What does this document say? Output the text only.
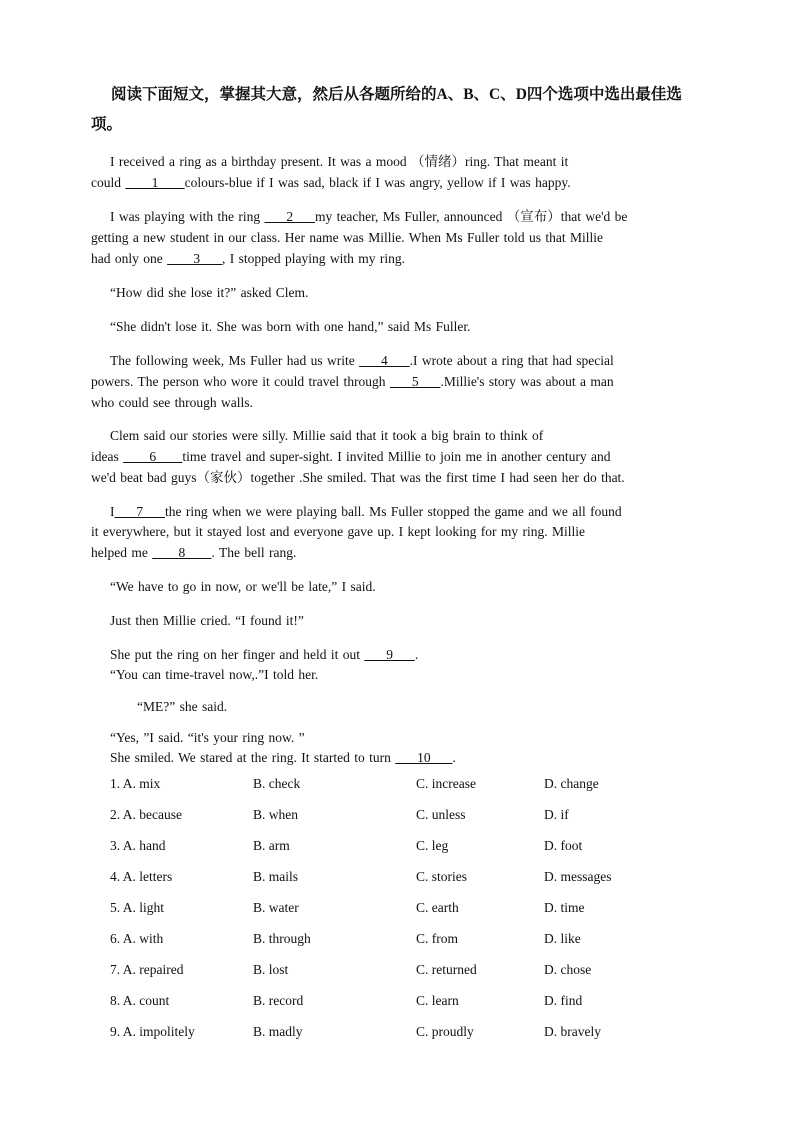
阅读下面短文，掌握其大意，然后从各题所给的A、B、C、D四个选项中选出最佳选项。
I received a ring as a birthday present. It was a mood （情绪）ring. That meant it
could       1      colours-blue if I was sad, black if I was angry, yellow if I was happy.
I was playing with the ring      2     my teacher, Ms Fuller, announced （宣布）that we'd be
getting a new student in our class. Her name was Millie. When Ms Fuller told us that Millie
had only one       3     , I stopped playing with my ring.
“How did she lose it?” asked Clem.
“She didn't lose it. She was born with one hand,” said Ms Fuller.
The following week, Ms Fuller had us write      4     .I wrote about a ring that had special
powers. The person who wore it could travel through      5     .Millie's story was about a man
who could see through walls.
Clem said our stories were silly. Millie said that it took a big brain to think of
ideas       6      time travel and super-sight. I invited Millie to join me in another century and
we'd beat bad guys（家伙）together .She smiled. That was the first time I had seen her do that.
I     7     the ring when we were playing ball. Ms Fuller stopped the game and we all found
it everywhere, but it stayed lost and everyone gave up. I kept looking for my ring. Millie
helped me       8      . The bell rang.
“We have to go in now, or we'll be late,” I said.
Just then Millie cried. “I found it!”
She put the ring on her finger and held it out      9     .
“You can time-travel now,.”I told her.
“ME?” she said.
“Yes, ”I said. “it's your ring now. ”
She smiled. We stared at the ring. It started to turn      10     .
1. A. mix	B. check	C. increase	D. change
2. A. because	B. when	C. unless	D. if
3. A. hand	B. arm	C. leg	D. foot
4. A. letters	B. mails	C. stories	D. messages
5. A. light	B. water	C. earth	D. time
6. A. with	B. through	C. from	D. like
7. A. repaired	B. lost	C. returned	D. chose
8. A. count	B. record	C. learn	D. find
9. A. impolitely	B. madly	C. proudly	D. bravely
